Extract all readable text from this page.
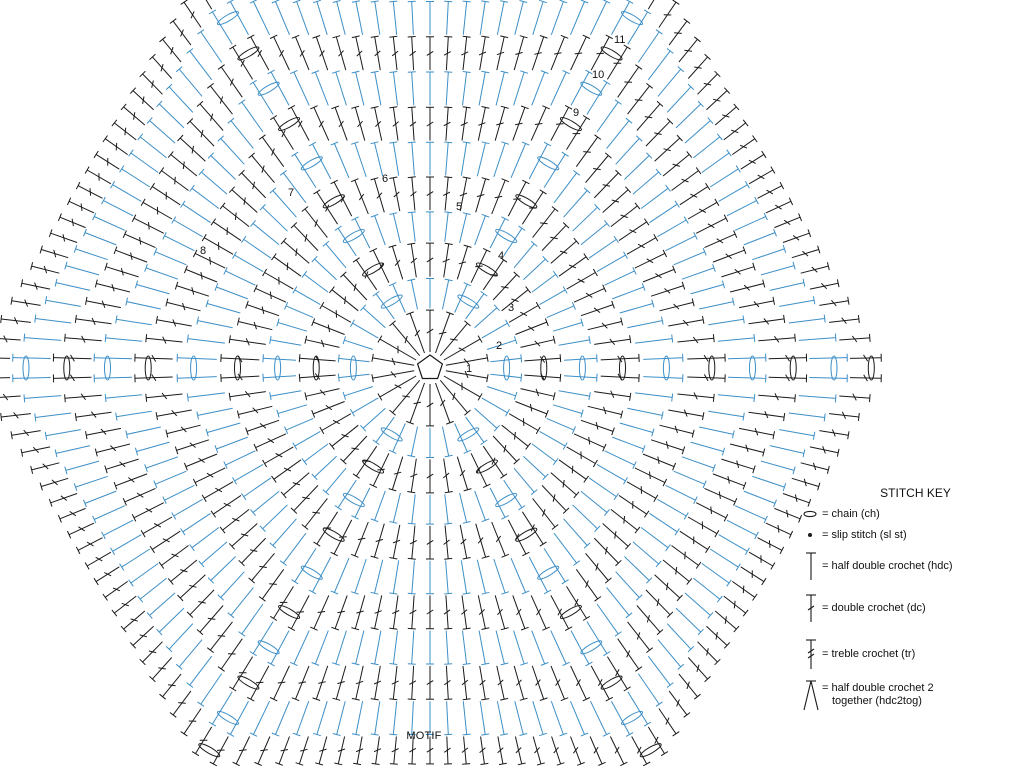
1
2
3
4
5
6
7
8
9
10
11
MOTIF
STITCH KEY
= chain (ch)
= slip stitch (sl st)
= half double crochet (hdc)
= double crochet (dc)
= treble crochet (tr)
= half double crochet 2
together (hdc2tog)
